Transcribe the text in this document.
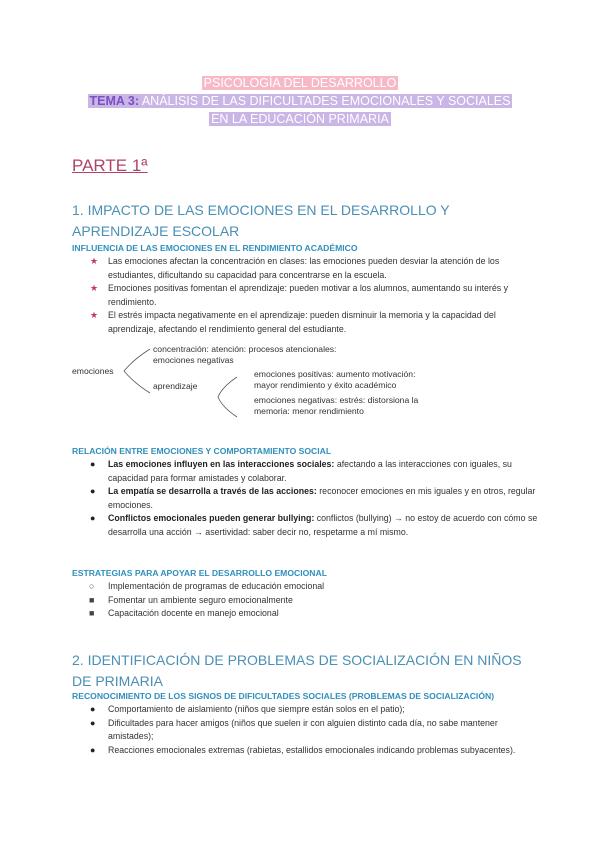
PSICOLOGÍA DEL DESARROLLO
TEMA 3: ANÁLISIS DE LAS DIFICULTADES EMOCIONALES Y SOCIALES
EN LA EDUCACIÓN PRIMARIA
PARTE 1ª
1. IMPACTO DE LAS EMOCIONES EN EL DESARROLLO Y APRENDIZAJE ESCOLAR
INFLUENCIA DE LAS EMOCIONES EN EL RENDIMIENTO ACADÉMICO
★ Las emociones afectan la concentración en clases: las emociones pueden desviar la atención de los estudiantes, dificultando su capacidad para concentrarse en la escuela.
★ Emociones positivas fomentan el aprendizaje: pueden motivar a los alumnos, aumentando su interés y rendimiento.
★ El estrés impacta negativamente en el aprendizaje: pueden disminuir la memoria y la capacidad del aprendizaje, afectando el rendimiento general del estudiante.
emociones
concentración: atención: procesos atencionales:
emociones negativas
aprendizaje
emociones positivas: aumento motivación:
mayor rendimiento y éxito académico
emociones negativas: estrés: distorsiona la
memoria: menor rendimiento
RELACIÓN ENTRE EMOCIONES Y COMPORTAMIENTO SOCIAL
● Las emociones influyen en las interacciones sociales: afectando a las interacciones con iguales, su capacidad para formar amistades y colaborar.
● La empatía se desarrolla a través de las acciones: reconocer emociones en mis iguales y en otros, regular emociones.
● Conflictos emocionales pueden generar bullying: conflictos (bullying) → no estoy de acuerdo con cómo se desarrolla una acción → asertividad: saber decir no, respetarme a mí mismo.
ESTRATEGIAS PARA APOYAR EL DESARROLLO EMOCIONAL
○ Implementación de programas de educación emocional
■ Fomentar un ambiente seguro emocionalmente
■ Capacitación docente en manejo emocional
2. IDENTIFICACIÓN DE PROBLEMAS DE SOCIALIZACIÓN EN NIÑOS DE PRIMARIA
RECONOCIMIENTO DE LOS SIGNOS DE DIFICULTADES SOCIALES (PROBLEMAS DE SOCIALIZACIÓN)
● Comportamiento de aislamiento (niños que siempre están solos en el patio);
● Dificultades para hacer amigos (niños que suelen ir con alguien distinto cada día, no sabe mantener amistades);
● Reacciones emocionales extremas (rabietas, estallidos emocionales indicando problemas subyacentes).
